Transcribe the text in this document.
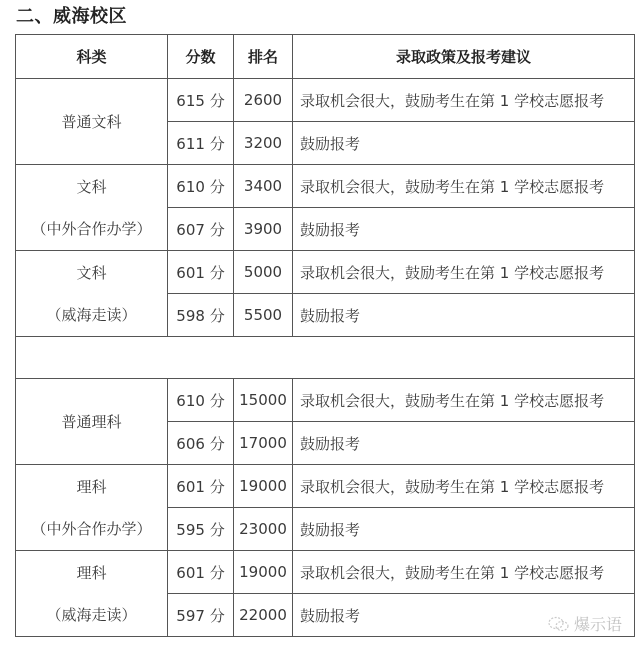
二、威海校区
科类	分数	排名	录取政策及报考建议

普通文科	615 分	2600	录取机会很大，鼓励考生在第 1 学校志愿报考
	611 分	3200	鼓励报考

文科
（中外合作办学）	610 分	3400	录取机会很大，鼓励考生在第 1 学校志愿报考
	607 分	3900	鼓励报考

文科
（威海走读）	601 分	5000	录取机会很大，鼓励考生在第 1 学校志愿报考
	598 分	5500	鼓励报考

普通理科	610 分	15000	录取机会很大，鼓励考生在第 1 学校志愿报考
	606 分	17000	鼓励报考

理科
（中外合作办学）	601 分	19000	录取机会很大，鼓励考生在第 1 学校志愿报考
	595 分	23000	鼓励报考

理科
（威海走读）	601 分	19000	录取机会很大，鼓励考生在第 1 学校志愿报考
	597 分	22000	鼓励报考	爆示语
